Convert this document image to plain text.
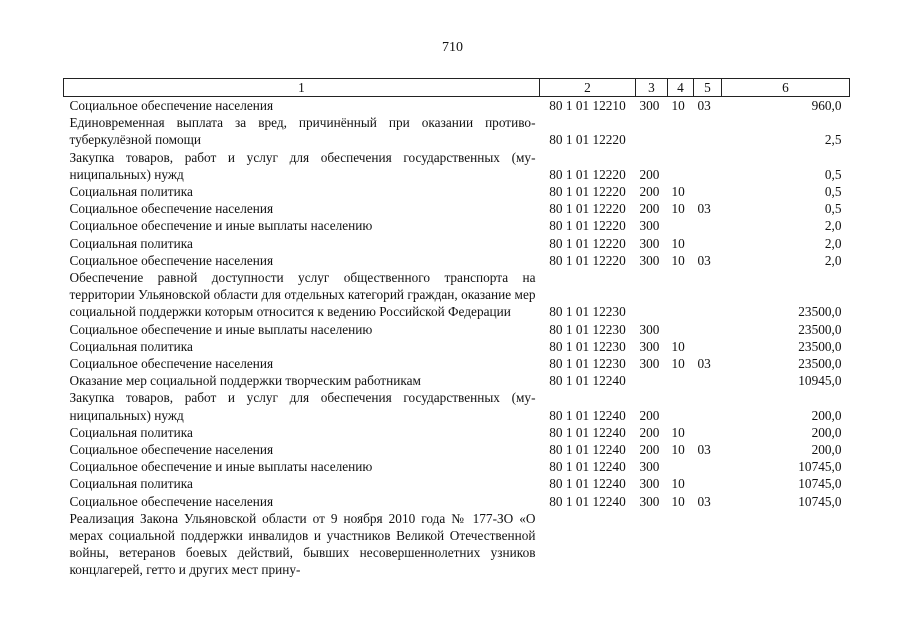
710
1	2	3	4	5	6
Социальное обеспечение населения	80 1 01 12210	300	10	03	960,0
Единовременная выплата за вред, причинённый при оказании противо-туберкулёзной помощи	80 1 01 12220				2,5
Закупка товаров, работ и услуг для обеспечения государственных (му-ниципальных) нужд	80 1 01 12220	200			0,5
Социальная политика	80 1 01 12220	200	10		0,5
Социальное обеспечение населения	80 1 01 12220	200	10	03	0,5
Социальное обеспечение и иные выплаты населению	80 1 01 12220	300			2,0
Социальная политика	80 1 01 12220	300	10		2,0
Социальное обеспечение населения	80 1 01 12220	300	10	03	2,0
Обеспечение равной доступности услуг общественного транспорта на территории Ульяновской области для отдельных категорий граждан, оказание мер социальной поддержки которым относится к ведению Российской Федерации	80 1 01 12230				23500,0
Социальное обеспечение и иные выплаты населению	80 1 01 12230	300			23500,0
Социальная политика	80 1 01 12230	300	10		23500,0
Социальное обеспечение населения	80 1 01 12230	300	10	03	23500,0
Оказание мер социальной поддержки творческим работникам	80 1 01 12240				10945,0
Закупка товаров, работ и услуг для обеспечения государственных (му-ниципальных) нужд	80 1 01 12240	200			200,0
Социальная политика	80 1 01 12240	200	10		200,0
Социальное обеспечение населения	80 1 01 12240	200	10	03	200,0
Социальное обеспечение и иные выплаты населению	80 1 01 12240	300			10745,0
Социальная политика	80 1 01 12240	300	10		10745,0
Социальное обеспечение населения	80 1 01 12240	300	10	03	10745,0
Реализация Закона Ульяновской области от 9 ноября 2010 года № 177-ЗО «О мерах социальной поддержки инвалидов и участников Великой Отечественной войны, ветеранов боевых действий, бывших несовершеннолетних узников концлагерей, гетто и других мест прину-					
